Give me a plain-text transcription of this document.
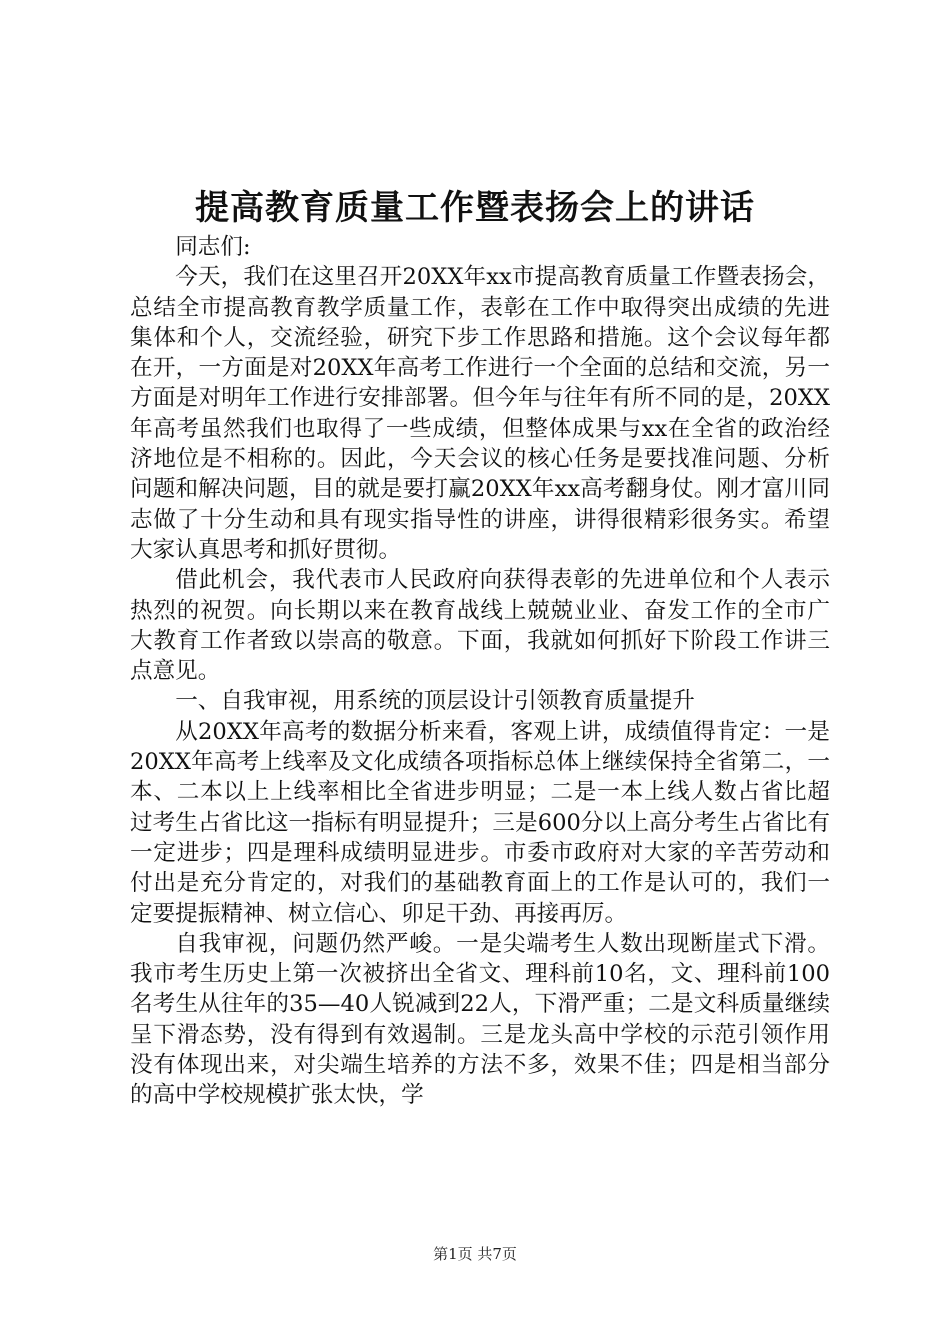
提高教育质量工作暨表扬会上的讲话

同志们:

今天，我们在这里召开20XX年xx市提高教育质量工作暨表扬会，总结全市提高教育教学质量工作，表彰在工作中取得突出成绩的先进集体和个人，交流经验，研究下步工作思路和措施。这个会议每年都在开，一方面是对20XX年高考工作进行一个全面的总结和交流，另一方面是对明年工作进行安排部署。但今年与往年有所不同的是，20XX年高考虽然我们也取得了一些成绩，但整体成果与xx在全省的政治经济地位是不相称的。因此，今天会议的核心任务是要找准问题、分析问题和解决问题，目的就是要打赢20XX年xx高考翻身仗。刚才富川同志做了十分生动和具有现实指导性的讲座，讲得很精彩很务实。希望大家认真思考和抓好贯彻。

借此机会，我代表市人民政府向获得表彰的先进单位和个人表示热烈的祝贺。向长期以来在教育战线上兢兢业业、奋发工作的全市广大教育工作者致以崇高的敬意。下面，我就如何抓好下阶段工作讲三点意见。

一、自我审视，用系统的顶层设计引领教育质量提升

从20XX年高考的数据分析来看，客观上讲，成绩值得肯定：一是20XX年高考上线率及文化成绩各项指标总体上继续保持全省第二，一本、二本以上上线率相比全省进步明显；二是一本上线人数占省比超过考生占省比这一指标有明显提升；三是600分以上高分考生占省比有一定进步；四是理科成绩明显进步。市委市政府对大家的辛苦劳动和付出是充分肯定的，对我们的基础教育面上的工作是认可的，我们一定要提振精神、树立信心、卯足干劲、再接再厉。

自我审视，问题仍然严峻。一是尖端考生人数出现断崖式下滑。我市考生历史上第一次被挤出全省文、理科前10名，文、理科前100名考生从往年的35—40人锐减到22人，下滑严重；二是文科质量继续呈下滑态势，没有得到有效遏制。三是龙头高中学校的示范引领作用没有体现出来，对尖端生培养的方法不多，效果不佳；四是相当部分的高中学校规模扩张太快，学

第1页 共7页
